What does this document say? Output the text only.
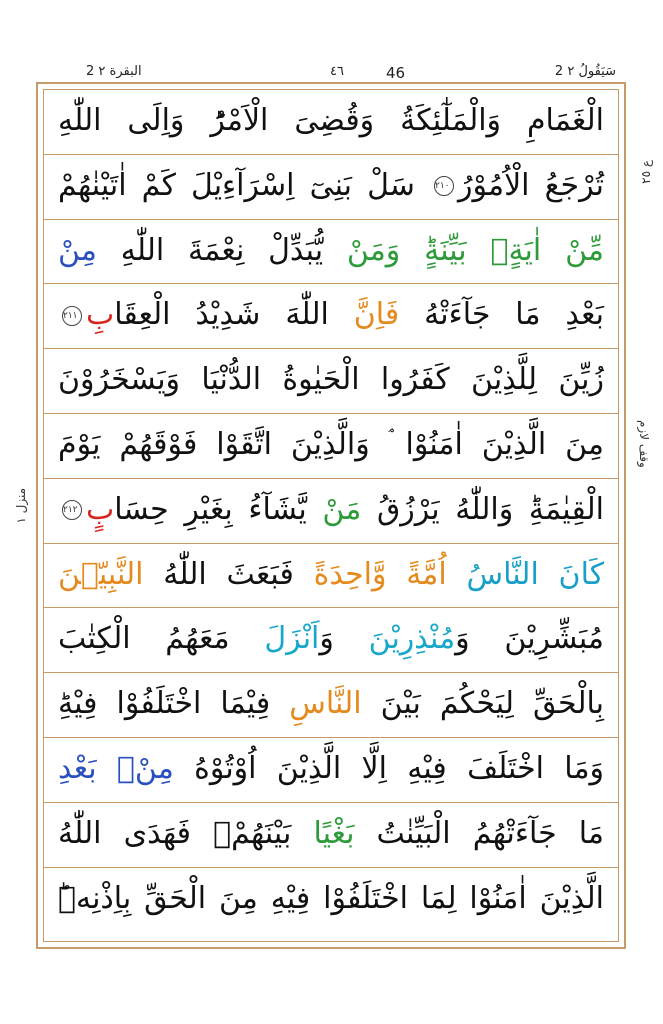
2 البقرة ٢	٤٦	46	2 سَيَقُولُ ٢
الْغَمَامِ وَالْمَلٰٓئِكَةُ وَقُضِىَ الْاَمْرُؕ وَاِلَى اللّٰهِ
تُرْجَعُ الْاُمُوْرُ٢١٠ سَلْ بَنِىٓ اِسْرَآءِيْلَ كَمْ اٰتَيْنٰهُمْ
مِّنْ اٰيَةٍۢ بَيِّنَةٍؕ وَمَنْ يُّبَدِّلْ نِعْمَةَ اللّٰهِ مِنْ
بَعْدِ مَا جَآءَتْهُ فَاِنَّ اللّٰهَ شَدِيْدُ الْعِقَابِ٢١١
زُيِّنَ لِلَّذِيْنَ كَفَرُوا الْحَيٰوةُ الدُّنْيَا وَيَسْخَرُوْنَ
مِنَ الَّذِيْنَ اٰمَنُوْا ۘ وَالَّذِيْنَ اتَّقَوْا فَوْقَهُمْ يَوْمَ
الْقِيٰمَةِؕ وَاللّٰهُ يَرْزُقُ مَنْ يَّشَآءُ بِغَيْرِ حِسَابٍ٢١٢
كَانَ النَّاسُ اُمَّةً وَّاحِدَةً فَبَعَثَ اللّٰهُ النَّبِيّٖنَ
مُبَشِّرِيْنَ وَمُنْذِرِيْنَ وَاَنْزَلَ مَعَهُمُ الْكِتٰبَ
بِالْحَقِّ لِيَحْكُمَ بَيْنَ النَّاسِ فِيْمَا اخْتَلَفُوْا فِيْهِؕ
وَمَا اخْتَلَفَ فِيْهِ اِلَّا الَّذِيْنَ اُوْتُوْهُ مِنْۢ بَعْدِ
مَا جَآءَتْهُمُ الْبَيِّنٰتُ بَغْيًا بَيْنَهُمْۚ فَهَدَى اللّٰهُ
الَّذِيْنَ اٰمَنُوْا لِمَا اخْتَلَفُوْا فِيْهِ مِنَ الْحَقِّ بِاِذْنِهٖؕ
ع ٢٥
وقف لازم
منزل ١
